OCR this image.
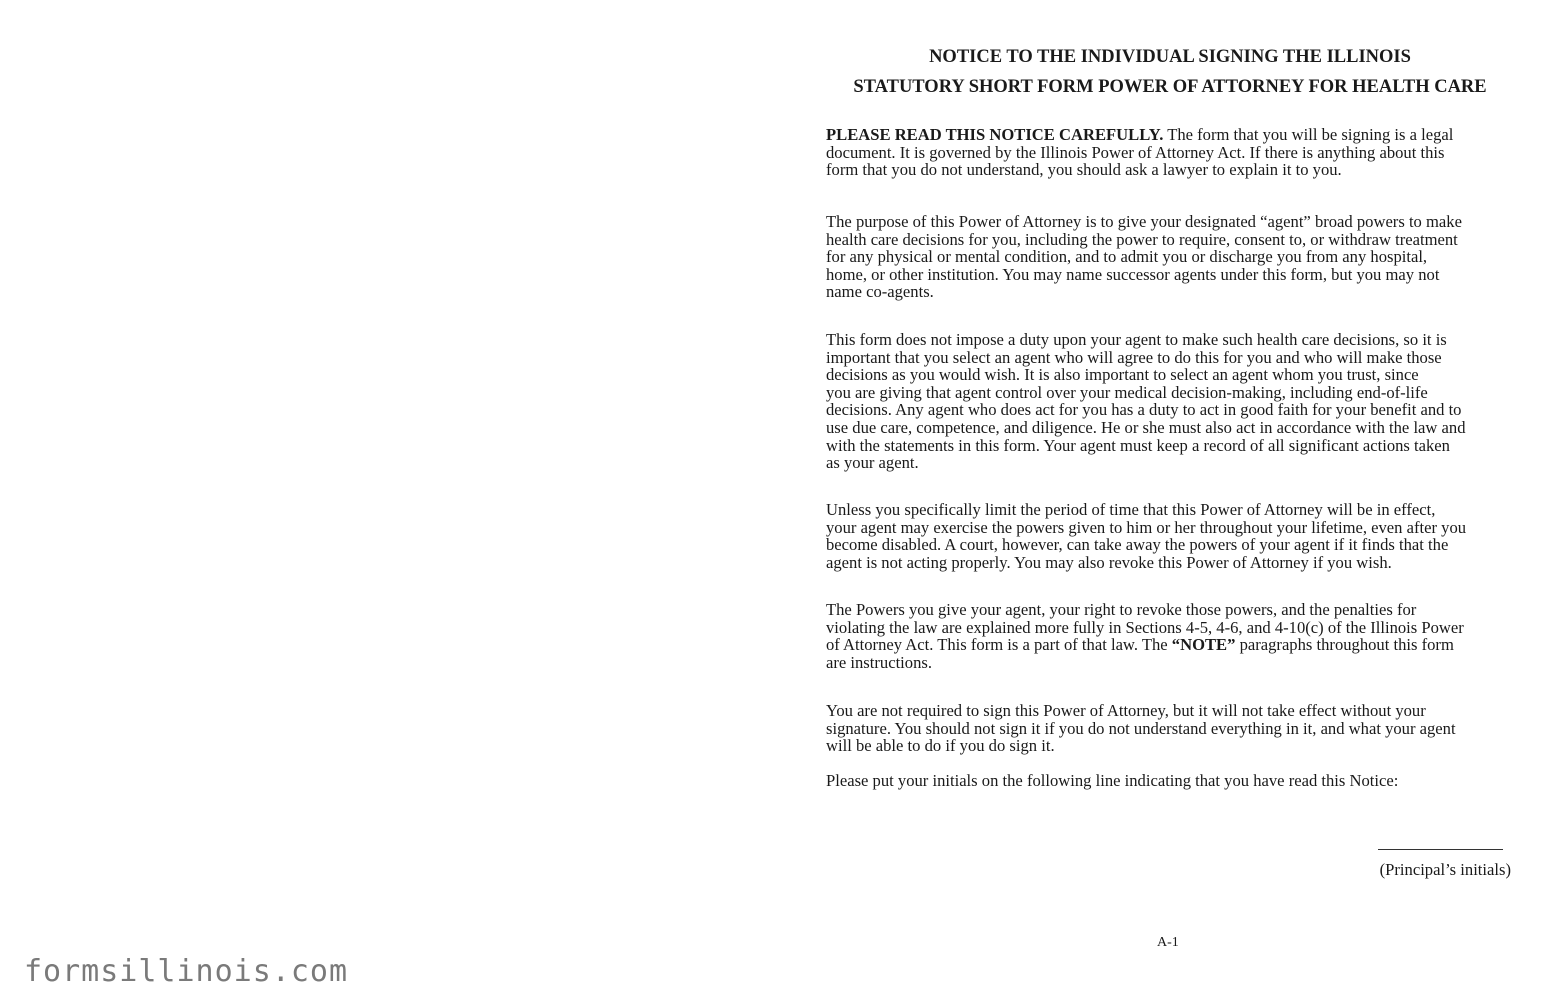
NOTICE TO THE INDIVIDUAL SIGNING THE ILLINOIS
STATUTORY SHORT FORM POWER OF ATTORNEY FOR HEALTH CARE

PLEASE READ THIS NOTICE CAREFULLY. The form that you will be signing is a legal
document. It is governed by the Illinois Power of Attorney Act. If there is anything about this
form that you do not understand, you should ask a lawyer to explain it to you.

The purpose of this Power of Attorney is to give your designated “agent” broad powers to make
health care decisions for you, including the power to require, consent to, or withdraw treatment
for any physical or mental condition, and to admit you or discharge you from any hospital,
home, or other institution. You may name successor agents under this form, but you may not
name co-agents.

This form does not impose a duty upon your agent to make such health care decisions, so it is
important that you select an agent who will agree to do this for you and who will make those
decisions as you would wish. It is also important to select an agent whom you trust, since
you are giving that agent control over your medical decision-making, including end-of-life
decisions. Any agent who does act for you has a duty to act in good faith for your benefit and to
use due care, competence, and diligence. He or she must also act in accordance with the law and
with the statements in this form. Your agent must keep a record of all significant actions taken
as your agent.

Unless you specifically limit the period of time that this Power of Attorney will be in effect,
your agent may exercise the powers given to him or her throughout your lifetime, even after you
become disabled. A court, however, can take away the powers of your agent if it finds that the
agent is not acting properly. You may also revoke this Power of Attorney if you wish.

The Powers you give your agent, your right to revoke those powers, and the penalties for
violating the law are explained more fully in Sections 4-5, 4-6, and 4-10(c) of the Illinois Power
of Attorney Act. This form is a part of that law. The “NOTE” paragraphs throughout this form
are instructions.

You are not required to sign this Power of Attorney, but it will not take effect without your
signature. You should not sign it if you do not understand everything in it, and what your agent
will be able to do if you do sign it.

Please put your initials on the following line indicating that you have read this Notice:

(Principal’s initials)
A-1
formsillinois.com
